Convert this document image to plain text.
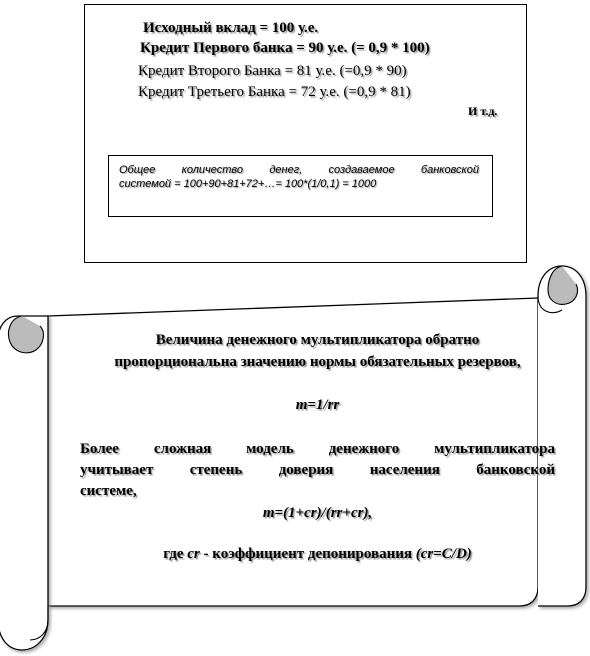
Исходный вклад = 100 у.е.
Кредит Первого банка = 90 у.е. (= 0,9 * 100)
Кредит Второго Банка = 81 у.е. (=0,9 * 90)
Кредит Третьего Банка = 72 у.е. (=0,9 * 81)
И т.д.
Общее количество денег, создаваемое банковской
системой = 100+90+81+72+…= 100*(1/0,1) = 1000
Величина денежного мультипликатора обратно
пропорциональна значению нормы обязательных резервов,
m=1/rr
Более сложная модель денежного мультипликатора
учитывает степень доверия населения банковской
системе,
m=(1+cr)/(rr+cr),
где cr - коэффициент депонирования (cr=C/D)
